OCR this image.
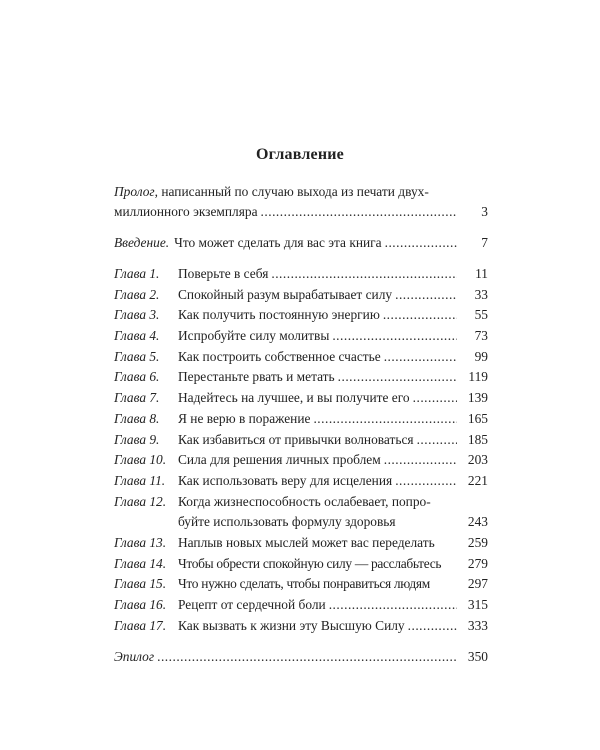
Оглавление
Пролог , написанный по случаю выхода из печати двух-
миллионного экземпляра .....	3
Введение. Что может сделать для вас эта книга .....	7
Глава 1.	Поверьте в себя .....	11
Глава 2.	Спокойный разум вырабатывает силу .....	33
Глава 3.	Как получить постоянную энергию .....	55
Глава 4.	Испробуйте силу молитвы .....	73
Глава 5.	Как построить собственное счастье .....	99
Глава 6.	Перестаньте рвать и метать .....	119
Глава 7.	Надейтесь на лучшее, и вы получите его .....	139
Глава 8.	Я не верю в поражение .....	165
Глава 9.	Как избавиться от привычки волноваться .....	185
Глава 10. Сила для решения личных проблем .....	203
Глава 11. Как использовать веру для исцеления .....	221
Глава 12. Когда жизнеспособность ослабевает, попро-
буйте использовать формулу здоровья	243
Глава 13. Наплыв новых мыслей может вас переделать	259
Глава 14. Чтобы обрести спокойную силу — расслабьтесь	279
Глава 15. Что нужно сделать, чтобы понравиться людям	297
Глава 16. Рецепт от сердечной боли .....	315
Глава 17. Как вызвать к жизни эту Высшую Силу .....	333
Эпилог .....	350
